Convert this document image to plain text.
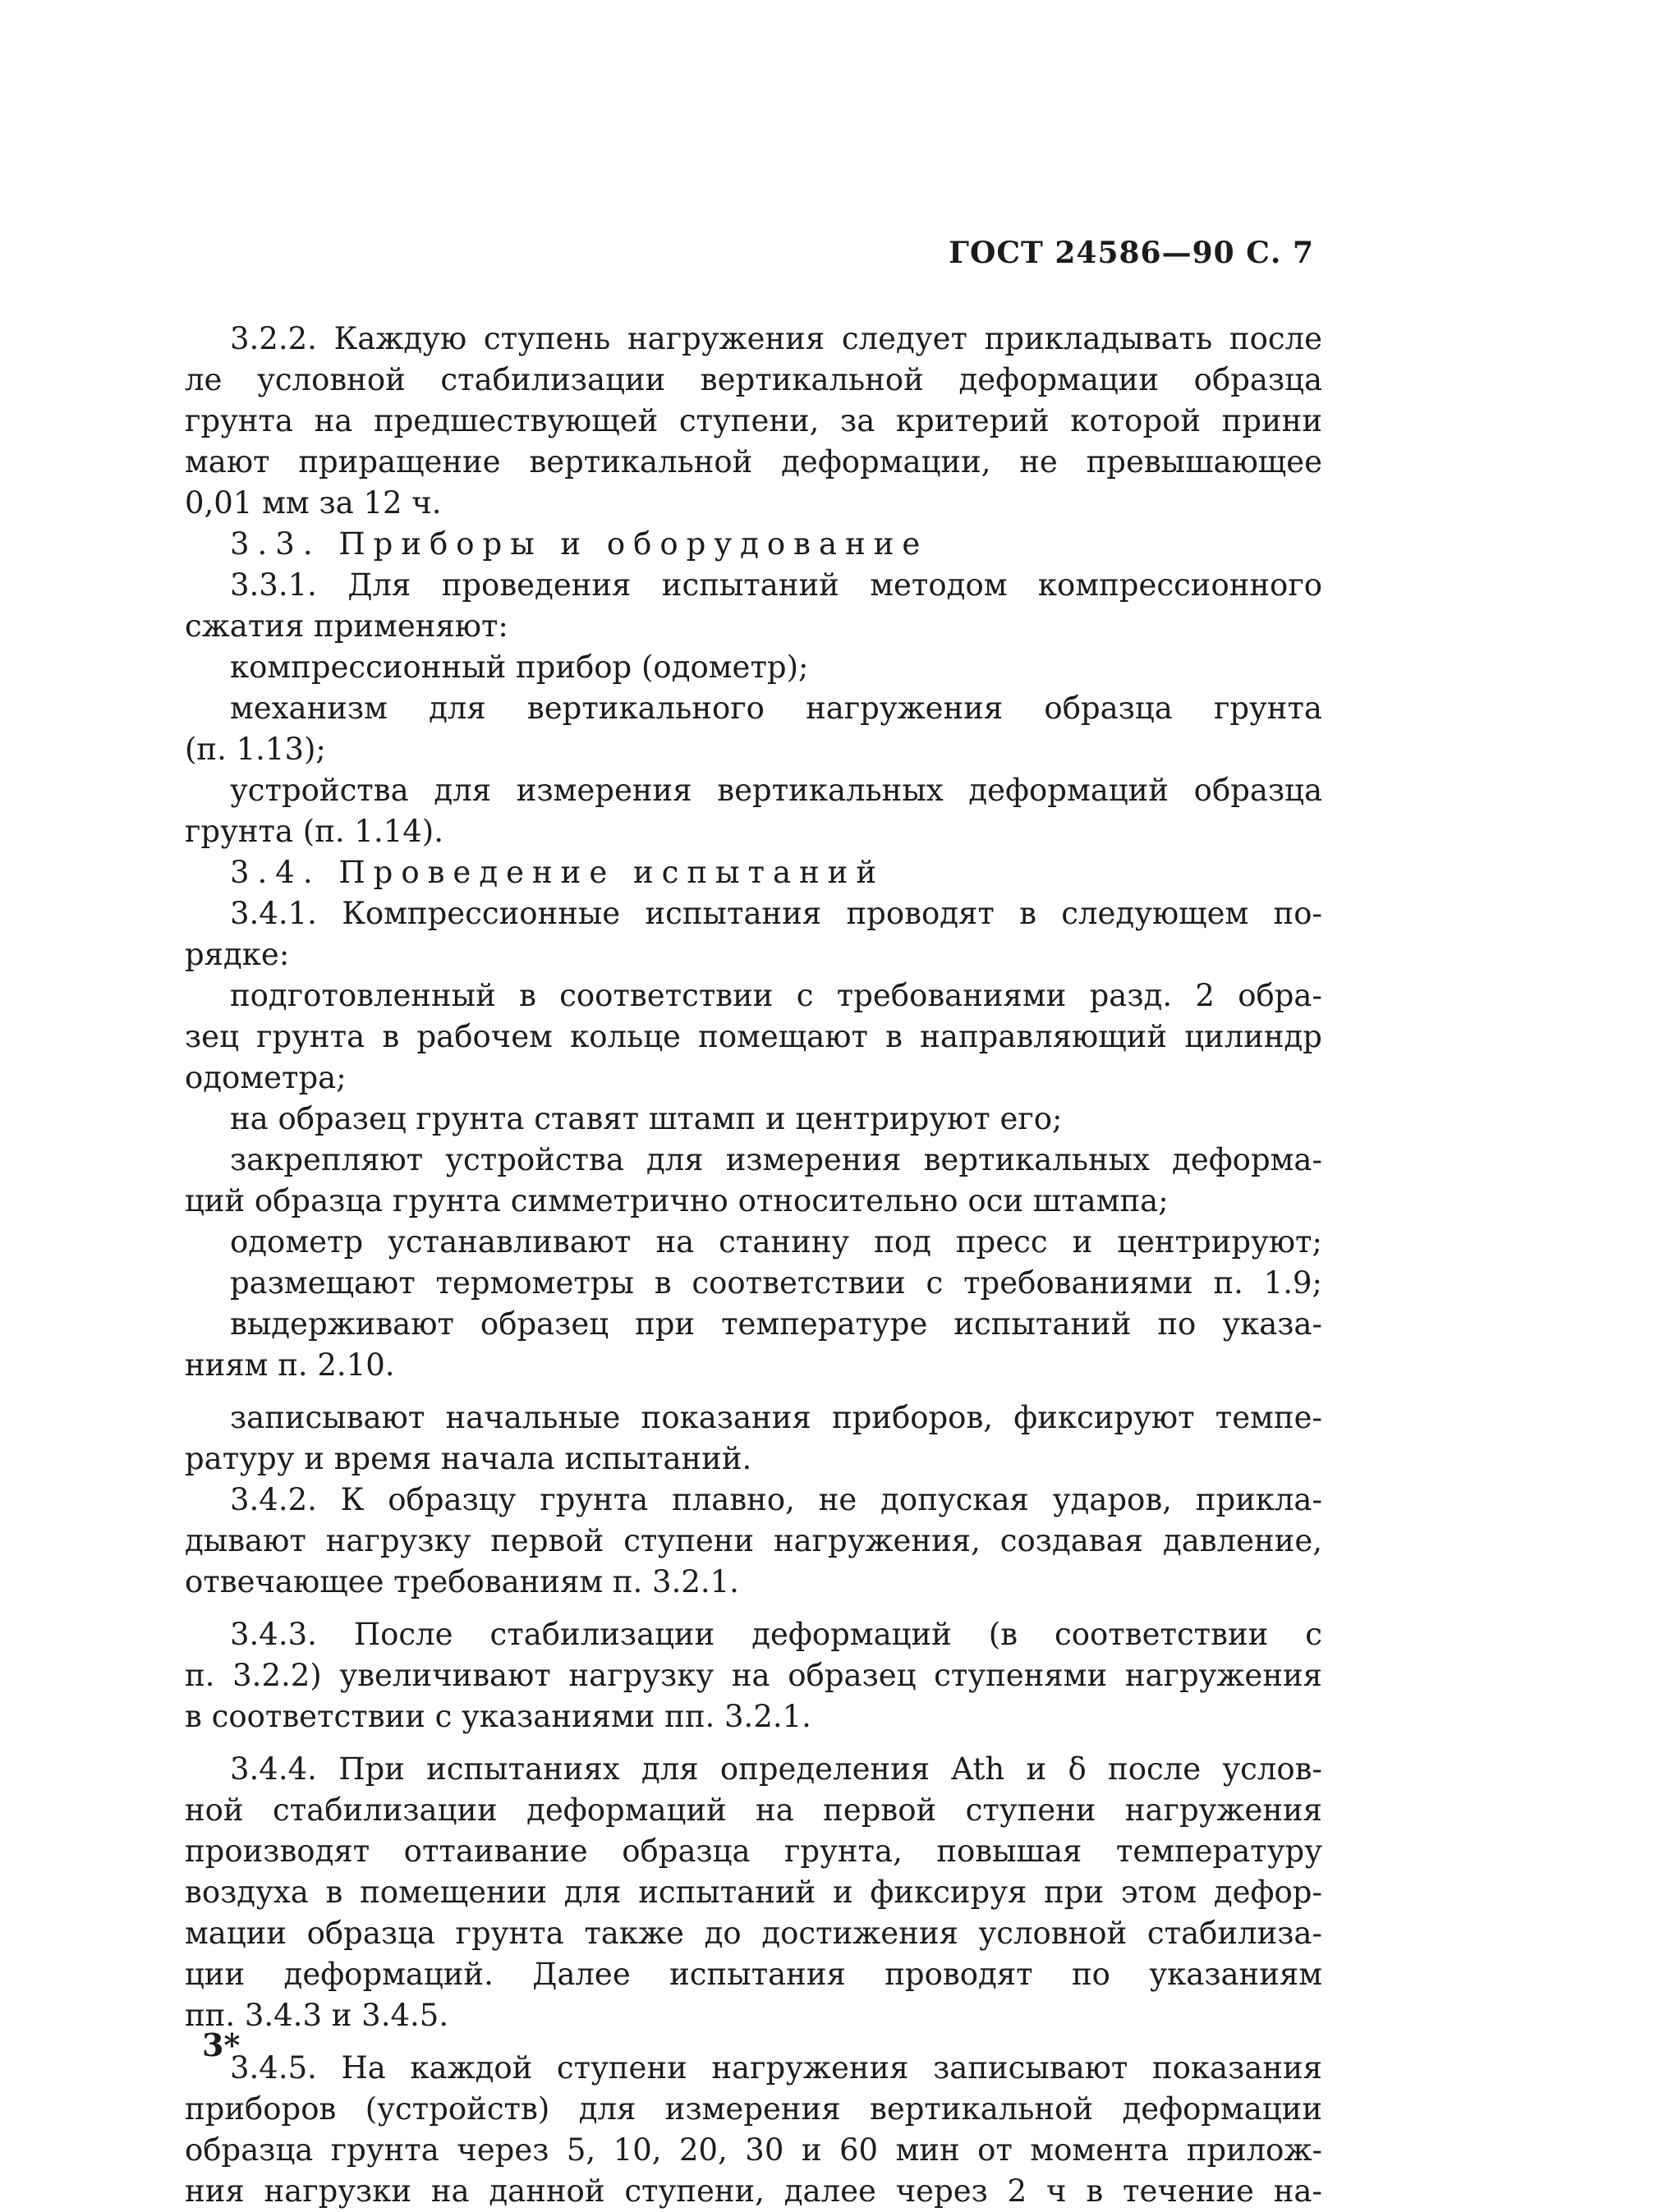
ГОСТ 24586—90 С. 7
3.2.2. Каждую ступень нагружения следует прикладывать после
ле условной стабилизации вертикальной деформации образца
грунта на предшествующей ступени, за критерий которой прини
мают приращение вертикальной деформации, не превышающее
0,01 мм за 12 ч.
3.3. Приборы и оборудование
3.3.1. Для проведения испытаний методом компрессионного
сжатия применяют:
компрессионный прибор (одометр);
механизм для вертикального нагружения образца грунта
(п. 1.13);
устройства для измерения вертикальных деформаций образца
грунта (п. 1.14).
3.4. Проведение испытаний
3.4.1. Компрессионные испытания проводят в следующем по-
рядке:
подготовленный в соответствии с требованиями разд. 2 обра-
зец грунта в рабочем кольце помещают в направляющий цилиндр
одометра;
на образец грунта ставят штамп и центрируют его;
закрепляют устройства для измерения вертикальных деформа-
ций образца грунта симметрично относительно оси штампа;
одометр устанавливают на станину под пресс и центрируют;
размещают термометры в соответствии с требованиями п. 1.9;
выдерживают образец при температуре испытаний по указа-
ниям п. 2.10.
записывают начальные показания приборов, фиксируют темпе-
ратуру и время начала испытаний.
3.4.2. К образцу грунта плавно, не допуская ударов, прикла-
дывают нагрузку первой ступени нагружения, создавая давление,
отвечающее требованиям п. 3.2.1.
3.4.3. После стабилизации деформаций (в соответствии с
п. 3.2.2) увеличивают нагрузку на образец ступенями нагружения
в соответствии с указаниями пп. 3.2.1.
3.4.4. При испытаниях для определения Ath и δ после услов-
ной стабилизации деформаций на первой ступени нагружения
производят оттаивание образца грунта, повышая температуру
воздуха в помещении для испытаний и фиксируя при этом дефор-
мации образца грунта также до достижения условной стабилиза-
ции деформаций. Далее испытания проводят по указаниям
пп. 3.4.3 и 3.4.5.
3.4.5. На каждой ступени нагружения записывают показания
приборов (устройств) для измерения вертикальной деформации
образца грунта через 5, 10, 20, 30 и 60 мин от момента прилож-
ния нагрузки на данной ступени, далее через 2 ч в течение на-
3*
